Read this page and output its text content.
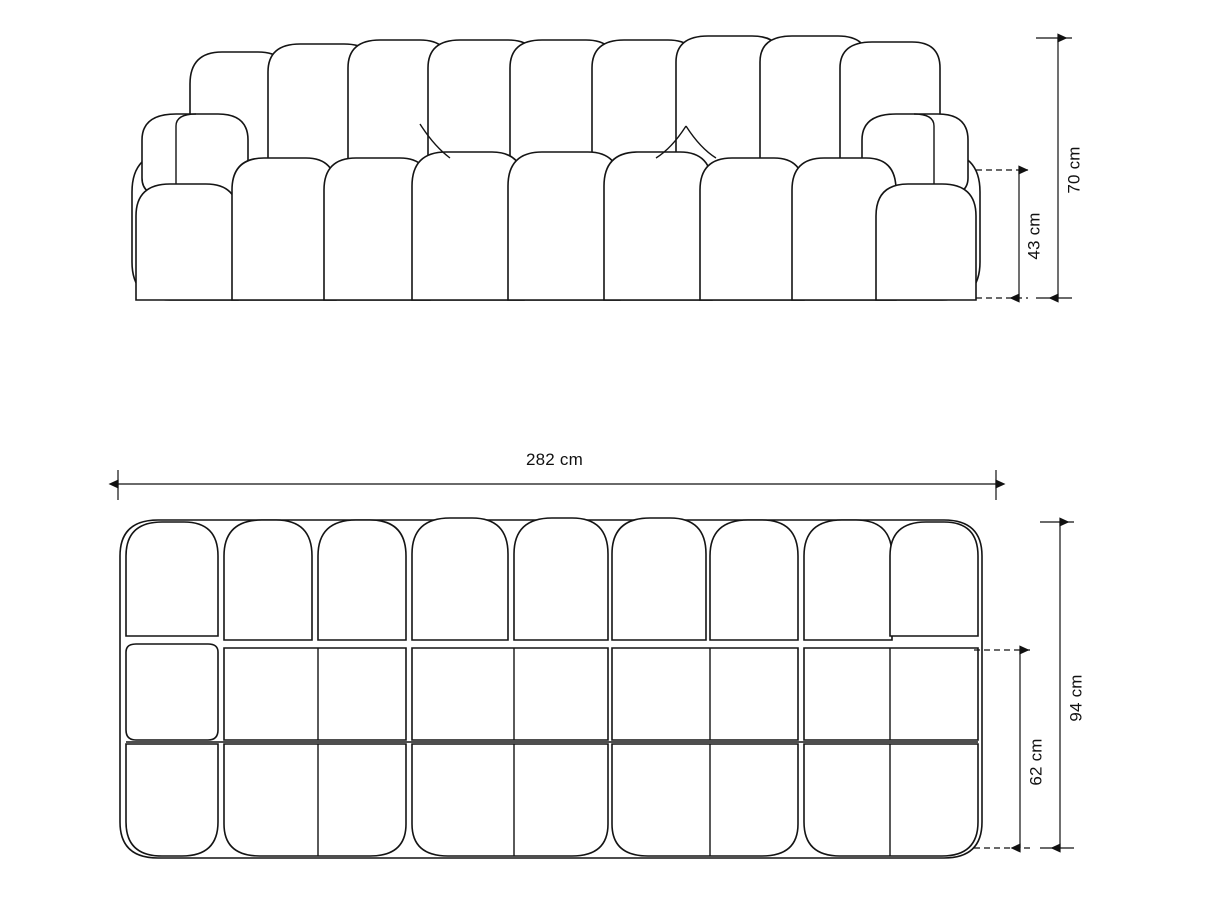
70 cm
43 cm
282 cm
94 cm
62 cm
